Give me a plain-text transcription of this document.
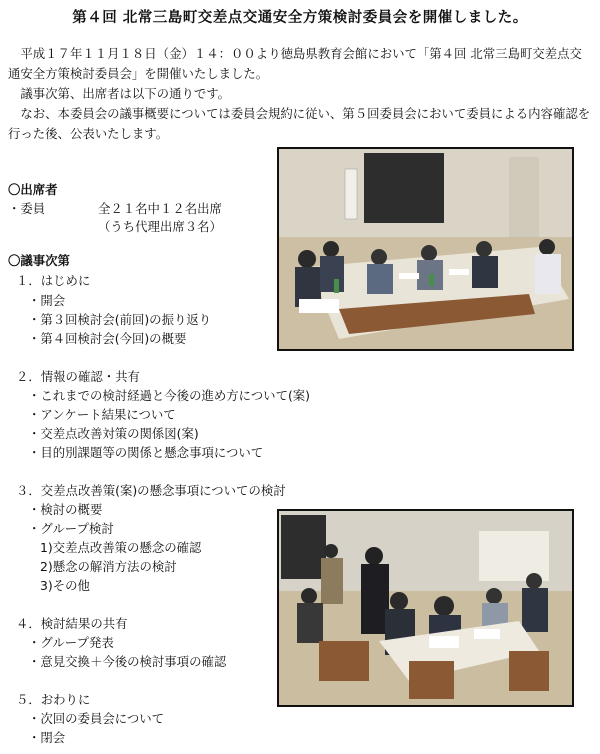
第４回 北常三島町交差点交通安全方策検討委員会を開催しました。

平成１７年１１月１８日（金）１４：００より徳島県教育会館において「第４回 北常三島町交差点交通安全方策検討委員会」を開催いたしました。

議事次第、出席者は以下の通りです。

なお、本委員会の議事概要については委員会規約に従い、第５回委員会において委員による内容確認を行った後、公表いたします。

〇出席者
・委員	全２１名中１２名出席
（うち代理出席３名）
〇議事次第
１．はじめに
・開会
・第３回検討会(前回)の振り返り
・第４回検討会(今回)の概要
２．情報の確認・共有
・これまでの検討経過と今後の進め方について(案)
・アンケート結果について
・交差点改善対策の関係図(案)
・目的別課題等の関係と懸念事項について
３．交差点改善策(案)の懸念事項についての検討
・検討の概要
・グループ検討
1)交差点改善策の懸念の確認
2)懸念の解消方法の検討
3)その他
４．検討結果の共有
・グループ発表
・意見交換＋今後の検討事項の確認
５．おわりに
・次回の委員会について
・閉会
